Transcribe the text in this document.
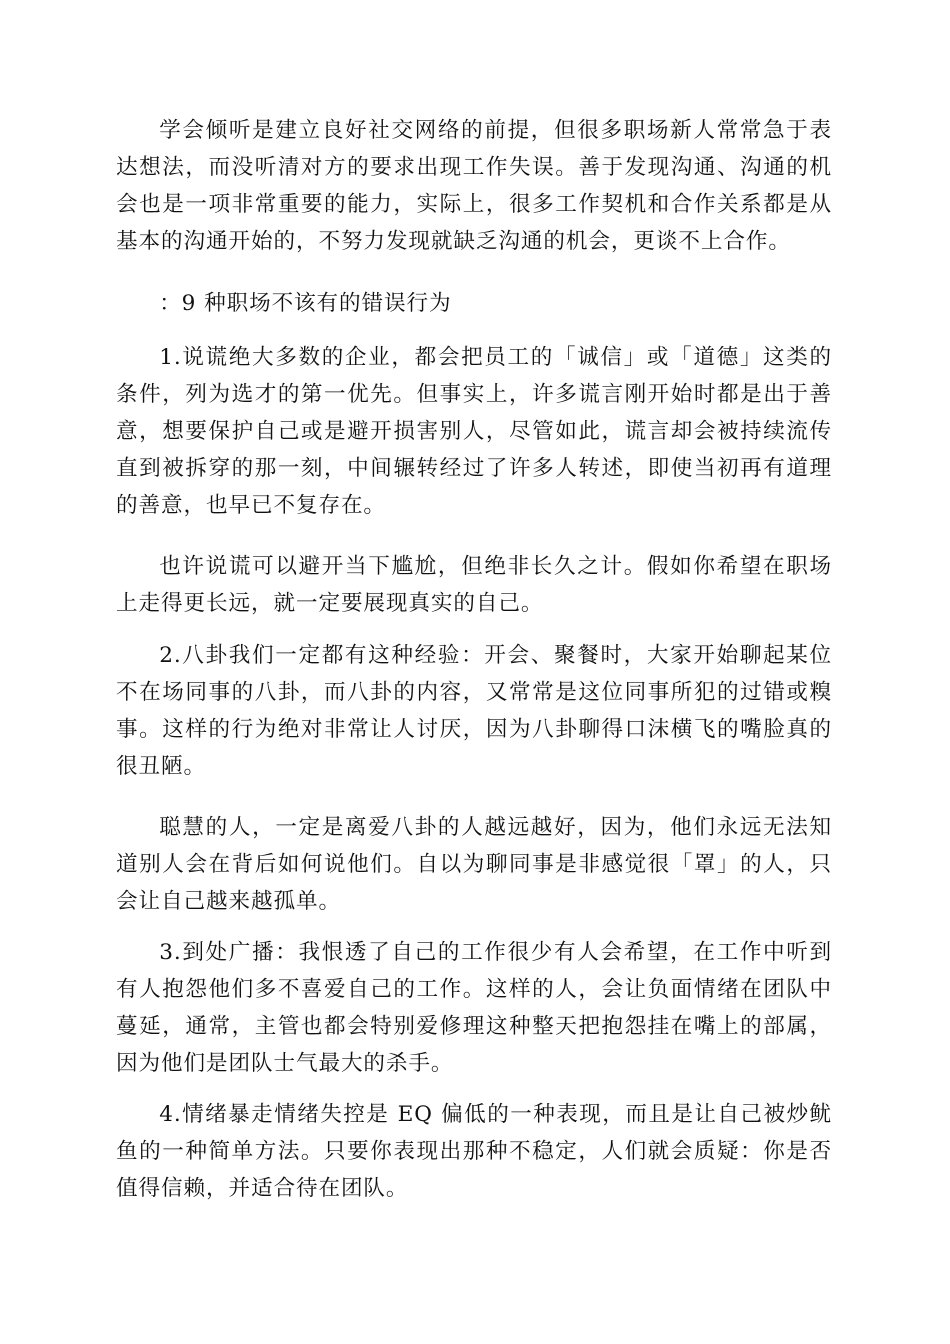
学会倾听是建立良好社交网络的前提，但很多职场新人常常急于表达想法，而没听清对方的要求出现工作失误。善于发现沟通、沟通的机会也是一项非常重要的能力，实际上，很多工作契机和合作关系都是从基本的沟通开始的，不努力发现就缺乏沟通的机会，更谈不上合作。

：9 种职场不该有的错误行为

1.说谎绝大多数的企业，都会把员工的「诚信」或「道德」这类的条件，列为选才的第一优先。但事实上，许多谎言刚开始时都是出于善意，想要保护自己或是避开损害别人，尽管如此，谎言却会被持续流传直到被拆穿的那一刻，中间辗转经过了许多人转述，即使当初再有道理的善意，也早已不复存在。

也许说谎可以避开当下尴尬，但绝非长久之计。假如你希望在职场上走得更长远，就一定要展现真实的自己。

2.八卦我们一定都有这种经验：开会、聚餐时，大家开始聊起某位不在场同事的八卦，而八卦的内容，又常常是这位同事所犯的过错或糗事。这样的行为绝对非常让人讨厌，因为八卦聊得口沫横飞的嘴脸真的很丑陋。

聪慧的人，一定是离爱八卦的人越远越好，因为，他们永远无法知道别人会在背后如何说他们。自以为聊同事是非感觉很「罩」的人，只会让自己越来越孤单。

3.到处广播：我恨透了自己的工作很少有人会希望，在工作中听到有人抱怨他们多不喜爱自己的工作。这样的人，会让负面情绪在团队中蔓延，通常，主管也都会特别爱修理这种整天把抱怨挂在嘴上的部属，因为他们是团队士气最大的杀手。

4.情绪暴走情绪失控是 EQ 偏低的一种表现，而且是让自己被炒鱿鱼的一种简单方法。只要你表现出那种不稳定，人们就会质疑：你是否值得信赖，并适合待在团队。
